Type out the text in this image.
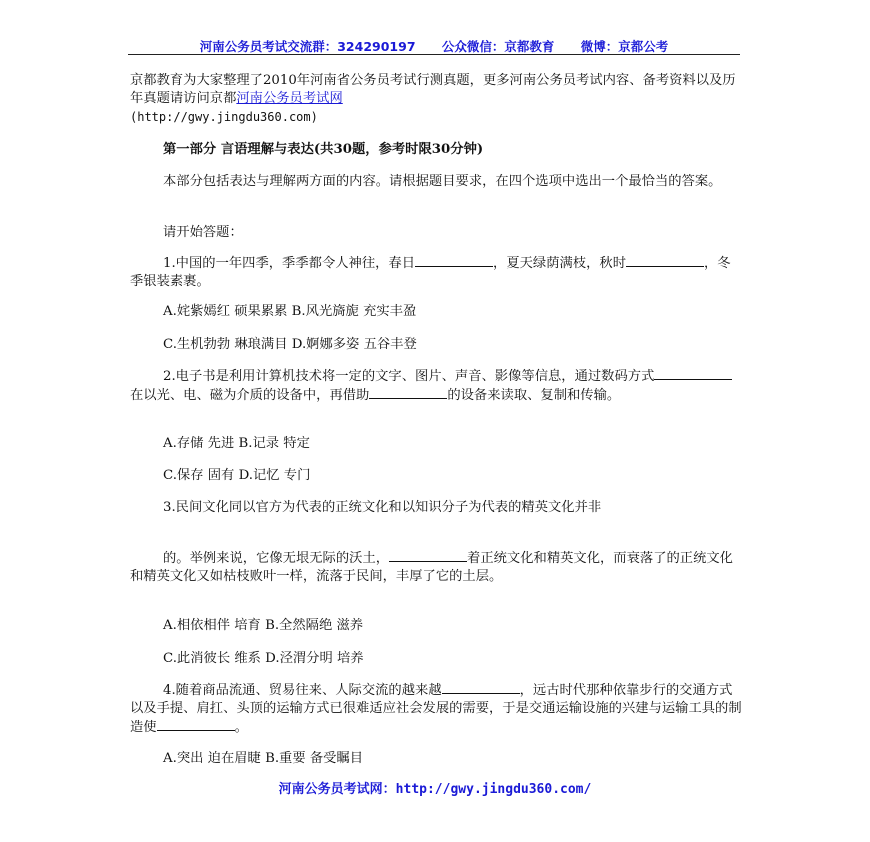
河南公务员考试交流群：324290197 公众微信：京都教育 微博：京都公考
京都教育为大家整理了2010年河南省公务员考试行测真题，更多河南公务员考试内容、备考资料以及历年真题请访问京都河南公务员考试网
(http://gwy.jingdu360.com)
第一部分 言语理解与表达(共30题，参考时限30分钟)
本部分包括表达与理解两方面的内容。请根据题目要求，在四个选项中选出一个最恰当的答案。
请开始答题：
1.中国的一年四季，季季都令人神往，春日	，夏天绿荫满枝，秋时	，冬季银装素裹。
A.姹紫嫣红 硕果累累 B.风光旖旎 充实丰盈
C.生机勃勃 琳琅满目 D.婀娜多姿 五谷丰登
2.电子书是利用计算机技术将一定的文字、图片、声音、影像等信息，通过数码方式在以光、电、磁为介质的设备中，再借助	的设备来读取、复制和传输。
A.存储 先进 B.记录 特定
C.保存 固有 D.记忆 专门
3.民间文化同以官方为代表的正统文化和以知识分子为代表的精英文化并非
的。举例来说，它像无垠无际的沃土，	着正统文化和精英文化，而衰落了的正统文化和精英文化又如枯枝败叶一样，流落于民间，丰厚了它的土层。
A.相依相伴 培育 B.全然隔绝 滋养
C.此消彼长 维系 D.泾渭分明 培养
4.随着商品流通、贸易往来、人际交流的越来越	，远古时代那种依靠步行的交通方式以及手提、肩扛、头顶的运输方式已很难适应社会发展的需要，于是交通运输设施的兴建与运输工具的制造使	。
A.突出 迫在眉睫 B.重要 备受瞩目
河南公务员考试网：http://gwy.jingdu360.com/
